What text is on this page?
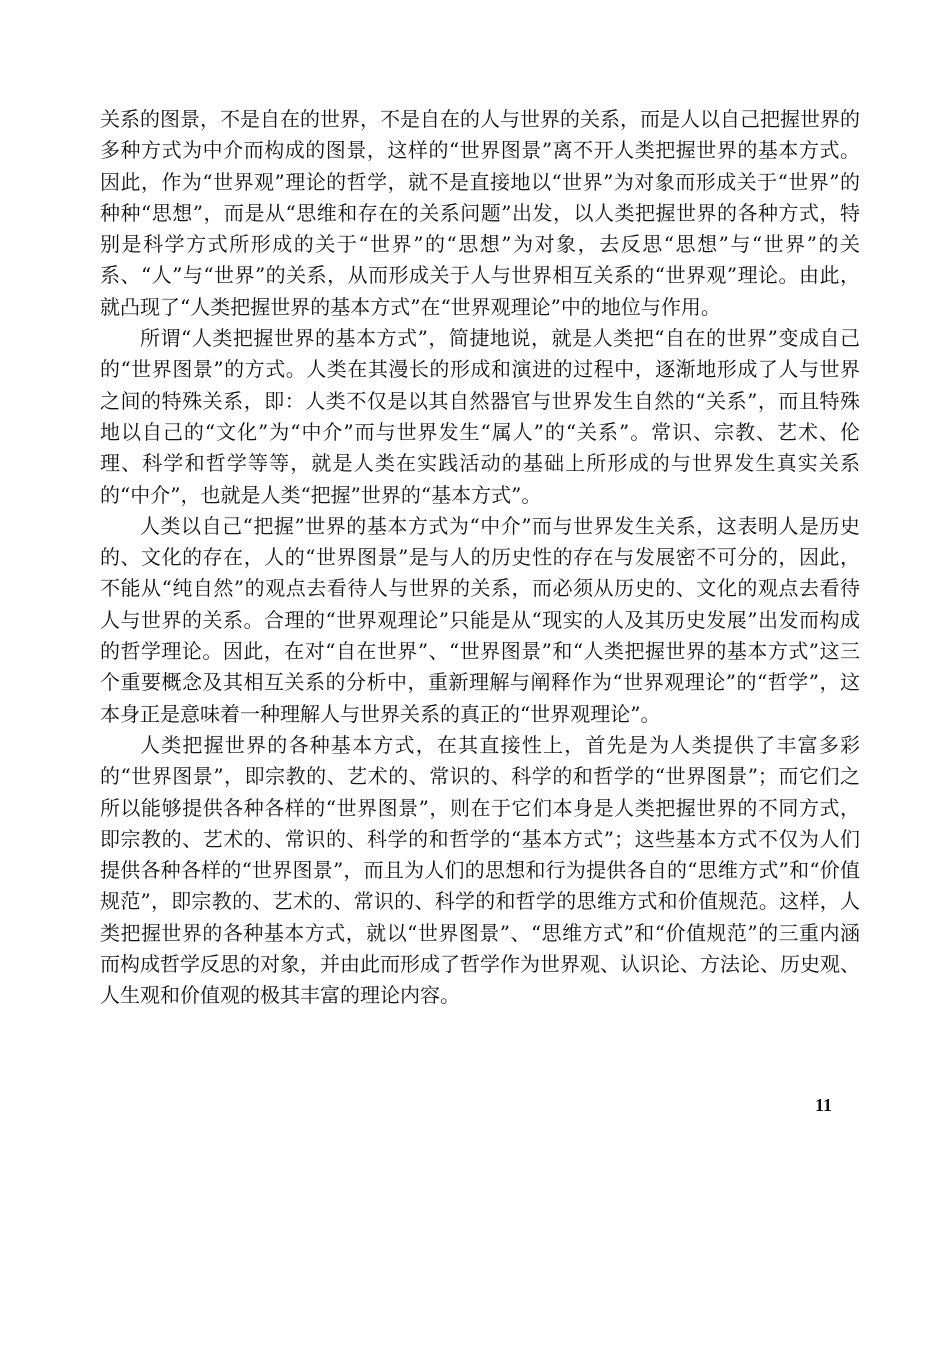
关系的图景，不是自在的世界，不是自在的人与世界的关系，而是人以自己把握世界的多种方式为中介而构成的图景，这样的“世界图景”离不开人类把握世界的基本方式。因此，作为“世界观”理论的哲学，就不是直接地以“世界”为对象而形成关于“世界”的种种“思想”，而是从“思维和存在的关系问题”出发，以人类把握世界的各种方式，特别是科学方式所形成的关于“世界”的“思想”为对象，去反思“思想”与“世界”的关系、“人”与“世界”的关系，从而形成关于人与世界相互关系的“世界观”理论。由此，就凸现了“人类把握世界的基本方式”在“世界观理论”中的地位与作用。

所谓“人类把握世界的基本方式”，简捷地说，就是人类把“自在的世界”变成自己的“世界图景”的方式。人类在其漫长的形成和演进的过程中，逐渐地形成了人与世界之间的特殊关系，即：人类不仅是以其自然器官与世界发生自然的“关系”，而且特殊地以自己的“文化”为“中介”而与世界发生“属人”的“关系”。常识、宗教、艺术、伦理、科学和哲学等等，就是人类在实践活动的基础上所形成的与世界发生真实关系的“中介”，也就是人类“把握”世界的“基本方式”。

人类以自己“把握”世界的基本方式为“中介”而与世界发生关系，这表明人是历史的、文化的存在，人的“世界图景”是与人的历史性的存在与发展密不可分的，因此，不能从“纯自然”的观点去看待人与世界的关系，而必须从历史的、文化的观点去看待人与世界的关系。合理的“世界观理论”只能是从“现实的人及其历史发展”出发而构成的哲学理论。因此，在对“自在世界”、“世界图景”和“人类把握世界的基本方式”这三个重要概念及其相互关系的分析中，重新理解与阐释作为“世界观理论”的“哲学”，这本身正是意味着一种理解人与世界关系的真正的“世界观理论”。

人类把握世界的各种基本方式，在其直接性上，首先是为人类提供了丰富多彩的“世界图景”，即宗教的、艺术的、常识的、科学的和哲学的“世界图景”；而它们之所以能够提供各种各样的“世界图景”，则在于它们本身是人类把握世界的不同方式，即宗教的、艺术的、常识的、科学的和哲学的“基本方式”；这些基本方式不仅为人们提供各种各样的“世界图景”，而且为人们的思想和行为提供各自的“思维方式”和“价值规范”，即宗教的、艺术的、常识的、科学的和哲学的思维方式和价值规范。这样，人类把握世界的各种基本方式，就以“世界图景”、“思维方式”和“价值规范”的三重内涵而构成哲学反思的对象，并由此而形成了哲学作为世界观、认识论、方法论、历史观、人生观和价值观的极其丰富的理论内容。

11
